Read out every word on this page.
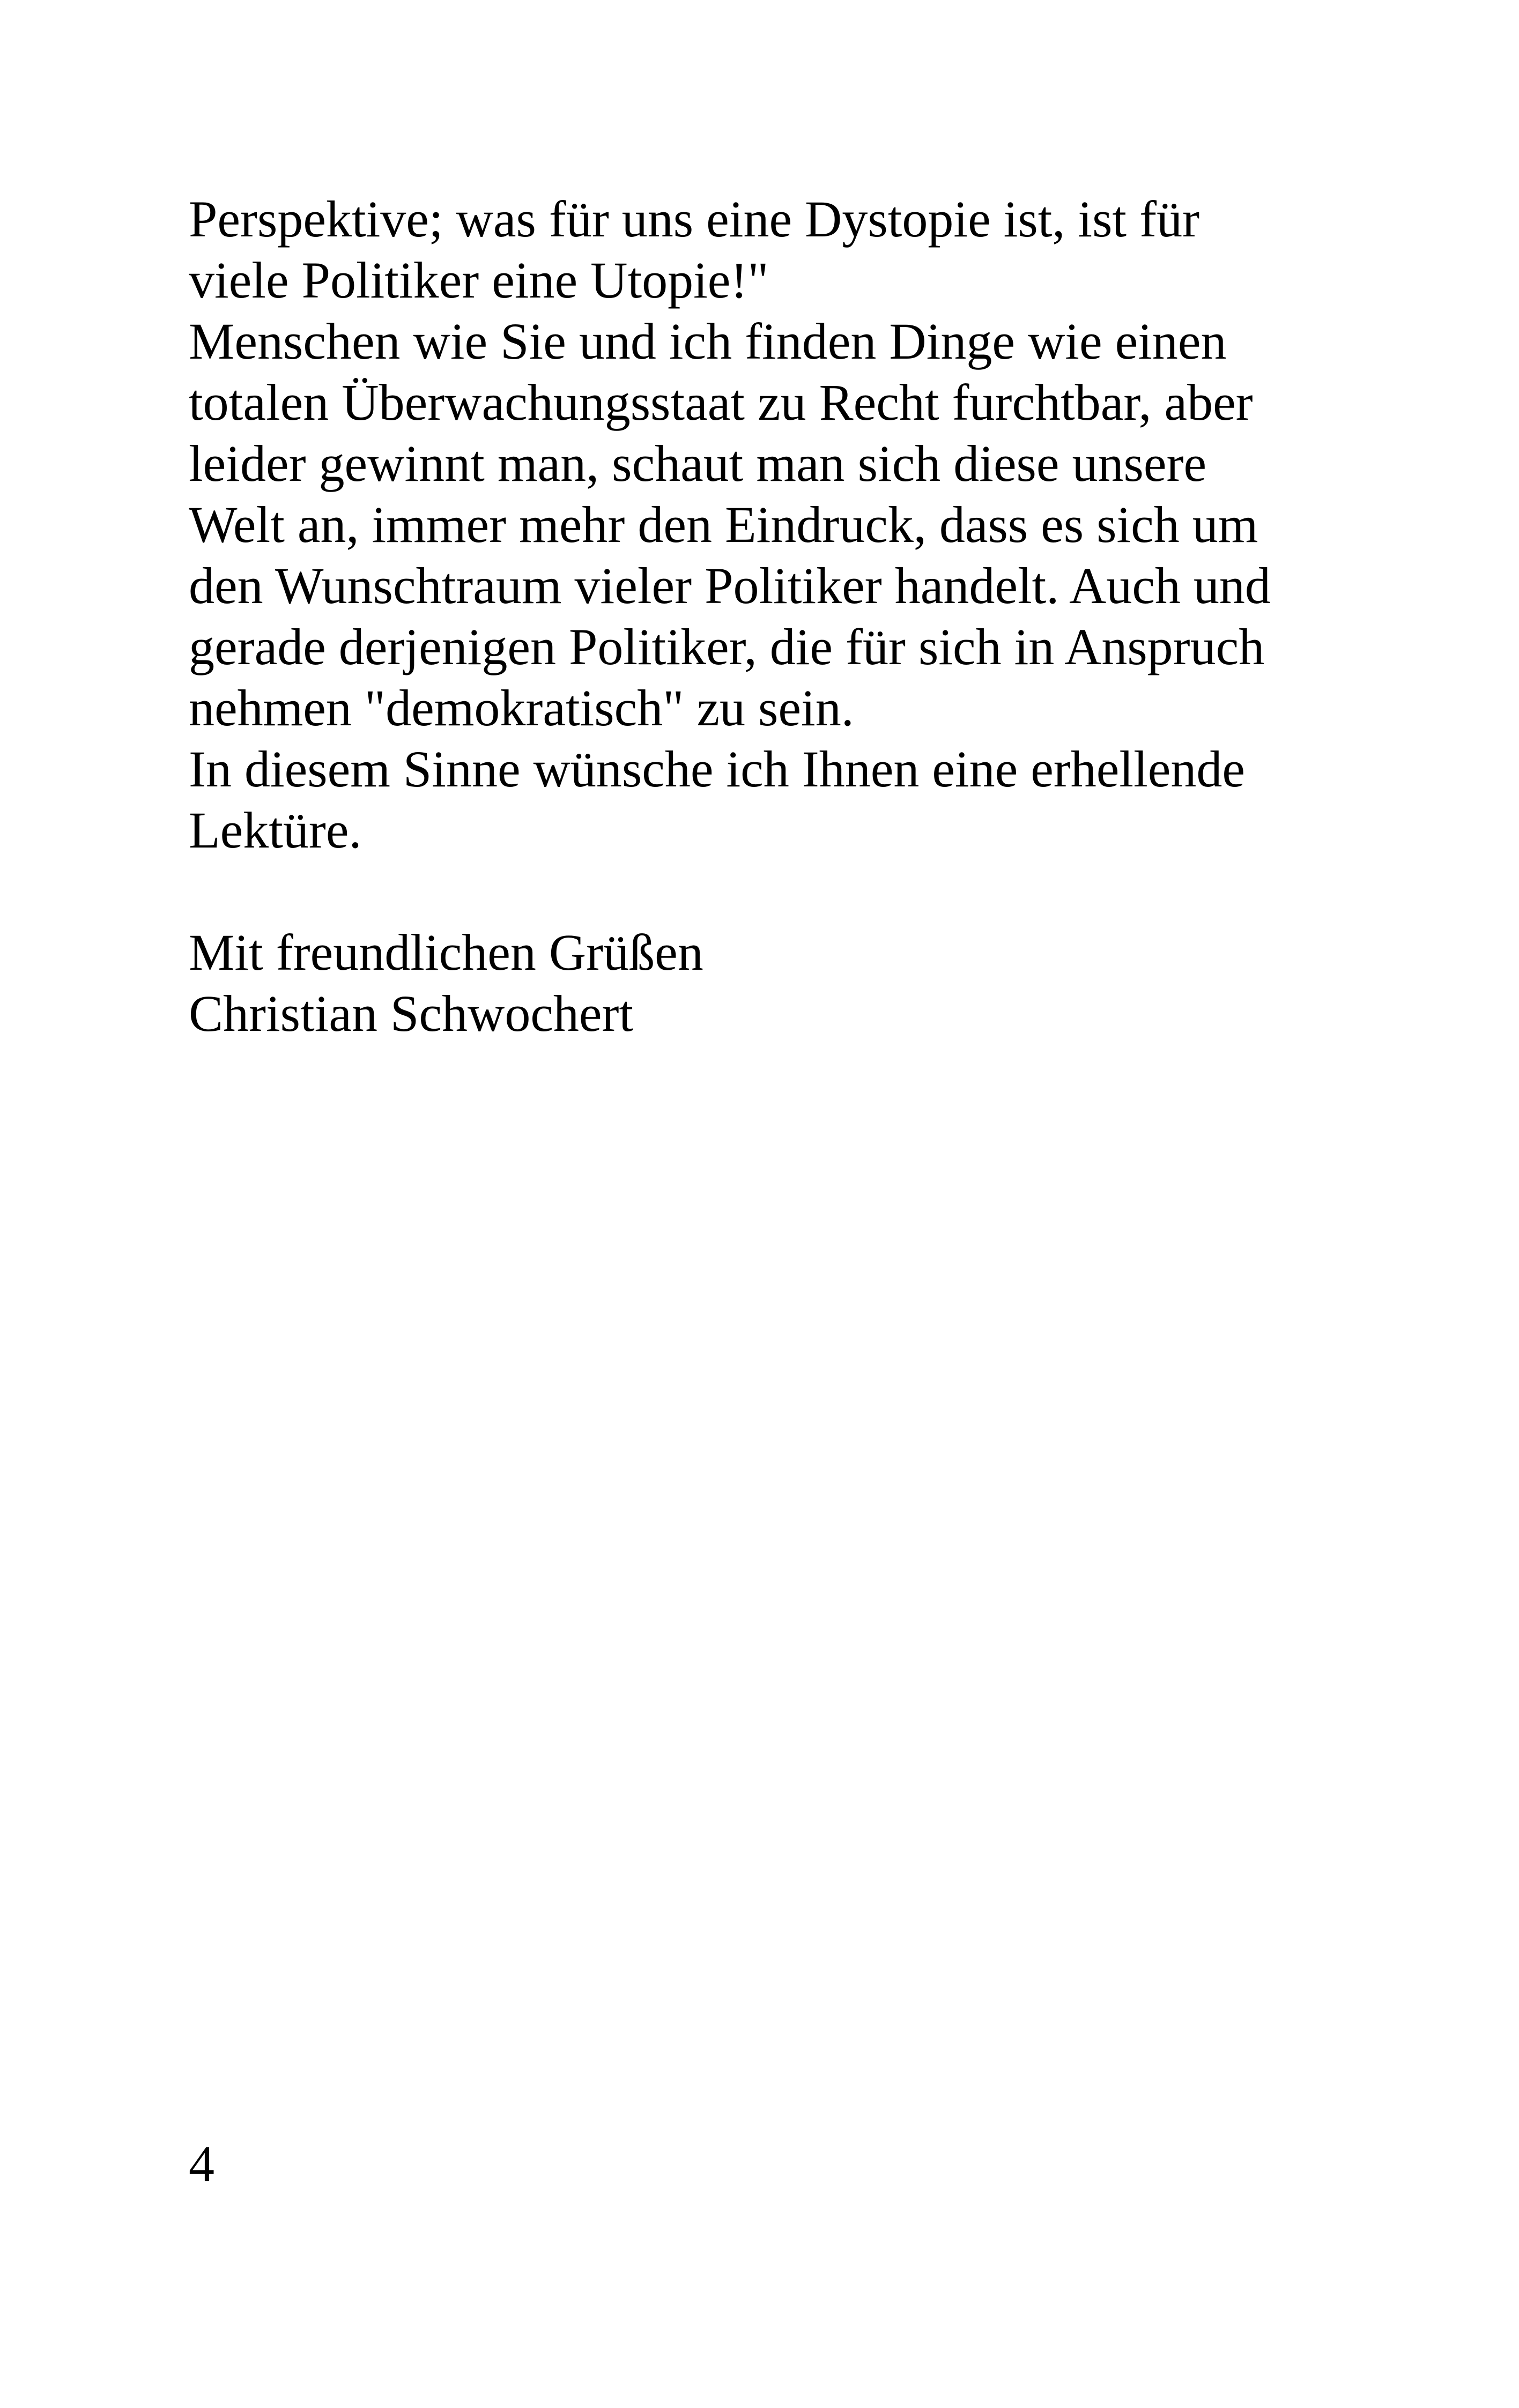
Perspektive; was für uns eine Dystopie ist, ist für
viele Politiker eine Utopie!"
Menschen wie Sie und ich finden Dinge wie einen
totalen Überwachungsstaat zu Recht furchtbar, aber
leider gewinnt man, schaut man sich diese unsere
Welt an, immer mehr den Eindruck, dass es sich um
den Wunschtraum vieler Politiker handelt. Auch und
gerade derjenigen Politiker, die für sich in Anspruch
nehmen "demokratisch" zu sein.
In diesem Sinne wünsche ich Ihnen eine erhellende
Lektüre.
Mit freundlichen Grüßen
Christian Schwochert
4
